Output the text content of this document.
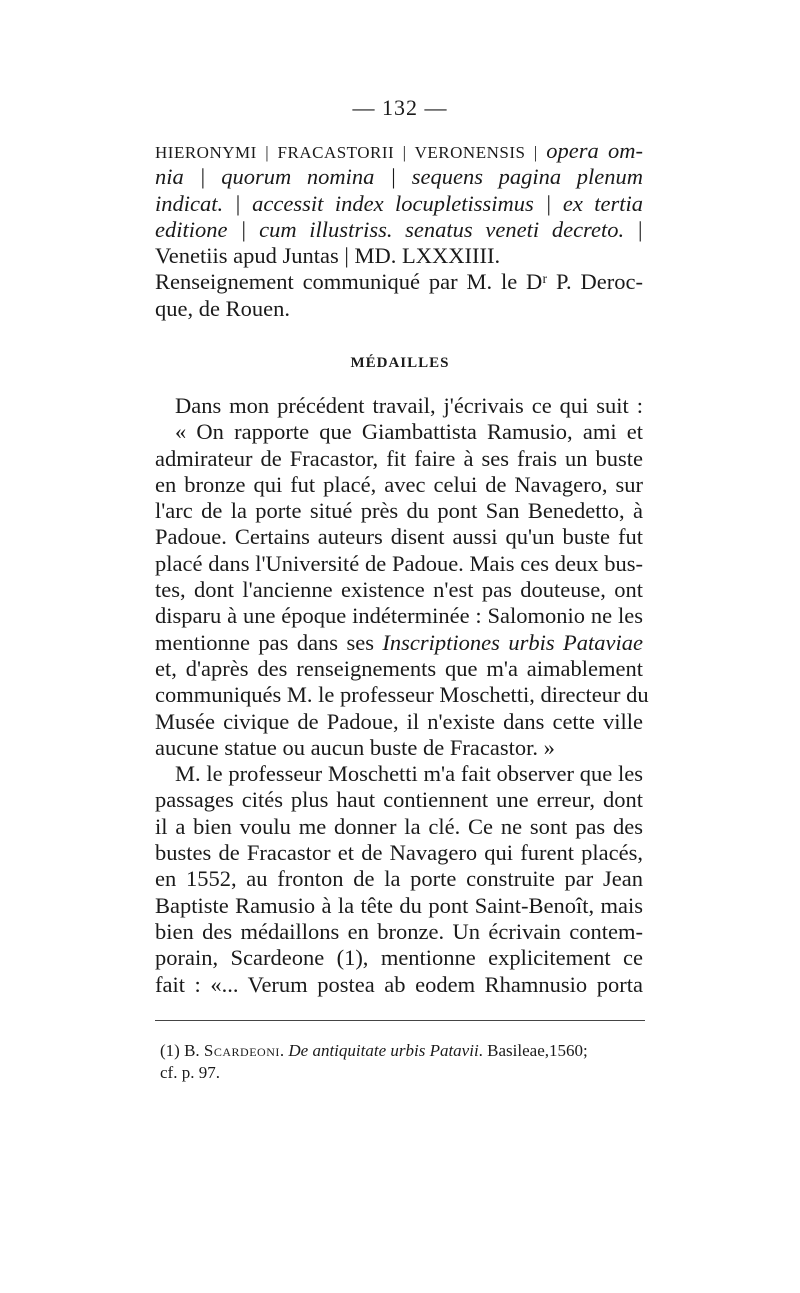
— 132 —
HIERONYMI | FRACASTORII | VERONENSIS | opera om-
nia | quorum nomina | sequens pagina plenum
indicat. | accessit index locupletissimus | ex tertia
editione | cum illustriss. senatus veneti decreto. |
Venetiis apud Juntas | MD. LXXXIIII.
Renseignement communiqué par M. le Dʳ P. Deroc-
que, de Rouen.
MÉDAILLES
Dans mon précédent travail, j'écrivais ce qui suit :
« On rapporte que Giambattista Ramusio, ami et
admirateur de Fracastor, fit faire à ses frais un buste
en bronze qui fut placé, avec celui de Navagero, sur
l'arc de la porte situé près du pont San Benedetto, à
Padoue. Certains auteurs disent aussi qu'un buste fut
placé dans l'Université de Padoue. Mais ces deux bus-
tes, dont l'ancienne existence n'est pas douteuse, ont
disparu à une époque indéterminée : Salomonio ne les
mentionne pas dans ses Inscriptiones urbis Pataviae
et, d'après des renseignements que m'a aimablement
communiqués M. le professeur Moschetti, directeur du
Musée civique de Padoue, il n'existe dans cette ville
aucune statue ou aucun buste de Fracastor. »
M. le professeur Moschetti m'a fait observer que les
passages cités plus haut contiennent une erreur, dont
il a bien voulu me donner la clé. Ce ne sont pas des
bustes de Fracastor et de Navagero qui furent placés,
en 1552, au fronton de la porte construite par Jean
Baptiste Ramusio à la tête du pont Saint-Benoît, mais
bien des médaillons en bronze. Un écrivain contem-
porain, Scardeone (1), mentionne explicitement ce
fait : «... Verum postea ab eodem Rhamnusio porta
(1) B. Scardeoni. De antiquitate urbis Patavii. Basileae,1560;
cf. p. 97.
